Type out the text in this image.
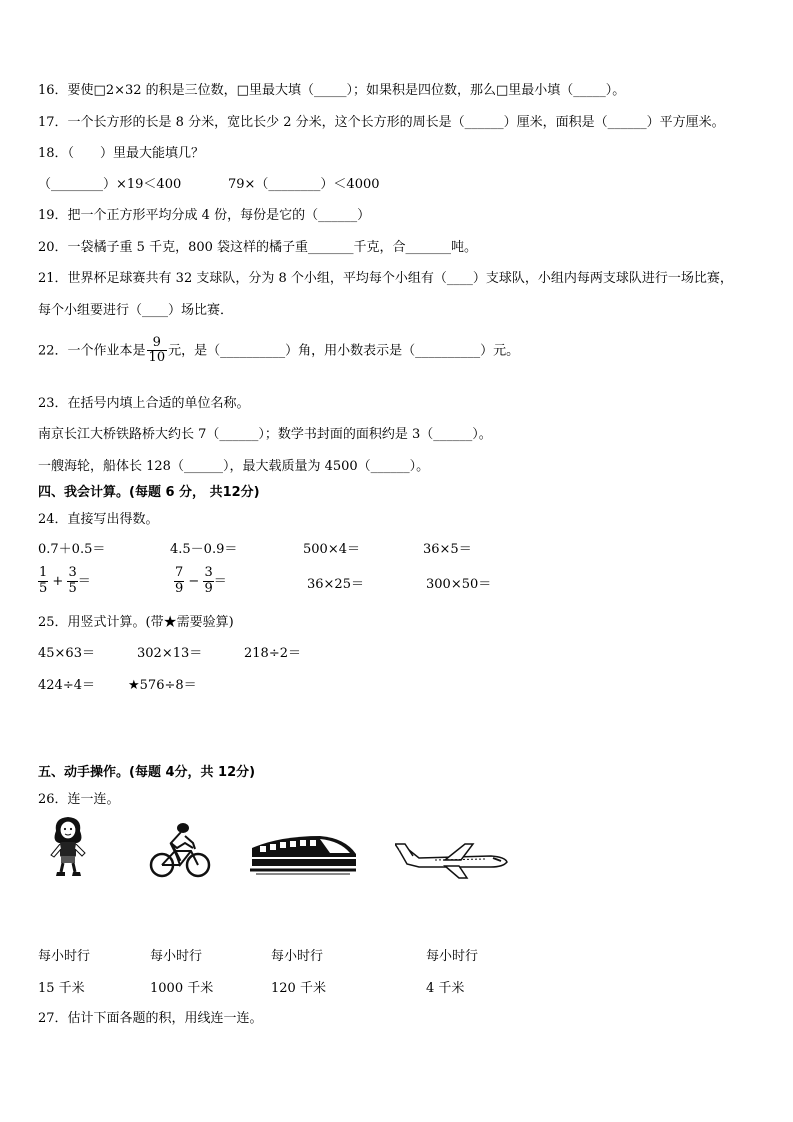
16．要使□2×32 的积是三位数，□里最大填（_____）；如果积是四位数，那么□里最小填（_____）。
17．一个长方形的长是 8 分米，宽比长少 2 分米，这个长方形的周长是（______）厘米，面积是（______）平方厘米。
18．（　　）里最大能填几？
（________）×19＜400	79×（________）＜4000
19．把一个正方形平均分成 4 份，每份是它的（______）
20．一袋橘子重 5 千克，800 袋这样的橘子重_______千克，合_______吨。
21．世界杯足球赛共有 32 支球队，分为 8 个小组，平均每个小组有（____）支球队，小组内每两支球队进行一场比赛，
每个小组要进行（____）场比赛．
22．一个作业本是 $\frac{9}{10}$ 元，是（__________）角，用小数表示是（__________）元。
23．在括号内填上合适的单位名称。
南京长江大桥铁路桥大约长 7（______）；数学书封面的面积约是 3（______）。
一艘海轮，船体长 128（______），最大载质量为 4500（______）。
四、我会计算。(每题 6 分， 共12分)
24．直接写出得数。
0.7＋0.5＝	4.5－0.9＝	500×4＝	36×5＝
$\frac{1}{5} + \frac{3}{5}$ ＝	$\frac{7}{9} - \frac{3}{9}$ ＝	36×25＝	300×50＝
25．用竖式计算。(带★需要验算)
45×63＝	302×13＝	218÷2＝
424÷4＝	★576÷8＝
五、动手操作。(每题 4分，共 12分)
26．连一连。
每小时行	每小时行	每小时行	每小时行
15 千米	1000 千米	120 千米	4 千米
27．估计下面各题的积，用线连一连。
